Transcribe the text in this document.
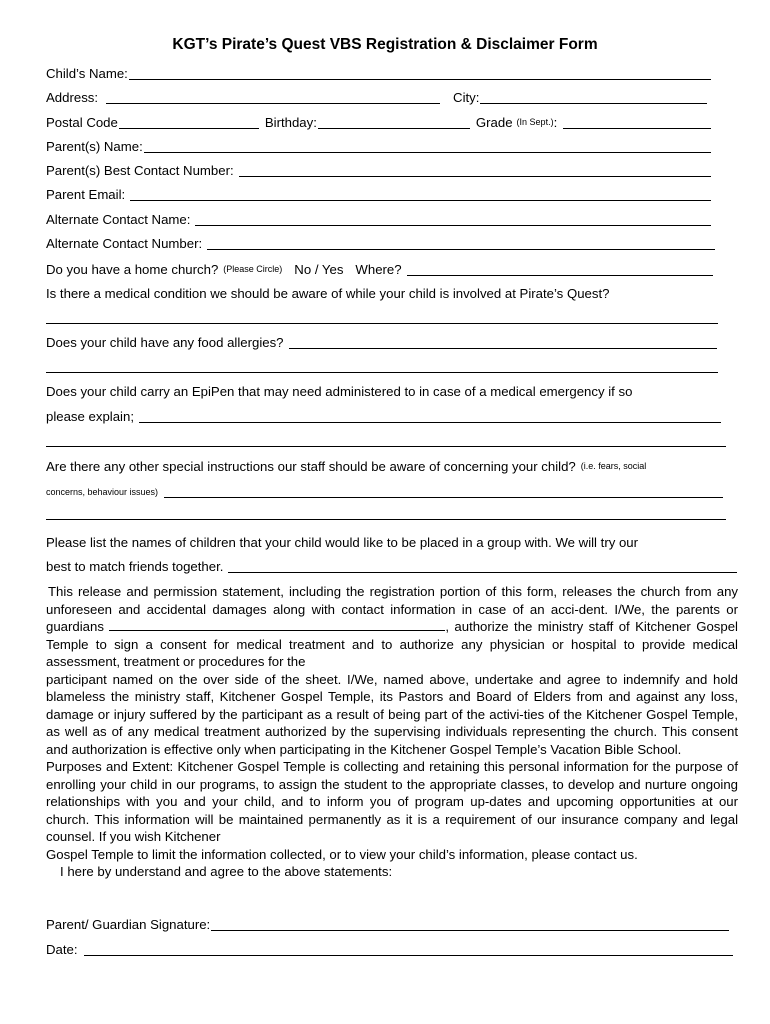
KGT’s Pirate’s Quest VBS Registration & Disclaimer Form
Child’s Name:
Address:	City:
Postal Code	Birthday:	Grade (In Sept.) :
Parent(s) Name:
Parent(s) Best Contact Number:
Parent Email:
Alternate Contact Name:
Alternate Contact Number:
Do you have a home church? (Please Circle) No / Yes Where?
Is there a medical condition we should be aware of while your child is involved at Pirate’s Quest?
Does your child have any food allergies?
Does your child carry an EpiPen that may need administered to in case of a medical emergency if so
please explain;
Are there any other special instructions our staff should be aware of concerning your child? (i.e. fears, social
concerns, behaviour issues)
Please list the names of children that your child would like to be placed in a group with. We will try our
best to match friends together.

This release and permission statement, including the registration portion of this form, releases the church from any unforeseen and accidental damages along with contact information in case of an acci-dent. I/We, the parents or guardians	, authorize the ministry staff of Kitchener Gospel Temple to sign a consent for medical treatment and to authorize any physician or hospital to provide medical assessment, treatment or procedures for the

participant named on the over side of the sheet. I/We, named above, undertake and agree to indemnify and hold blameless the ministry staff, Kitchener Gospel Temple, its Pastors and Board of Elders from and against any loss, damage or injury suffered by the participant as a result of being part of the activi-ties of the Kitchener Gospel Temple, as well as of any medical treatment authorized by the supervising individuals representing the church. This consent and authorization is effective only when participating in the Kitchener Gospel Temple’s Vacation Bible School.

Purposes and Extent: Kitchener Gospel Temple is collecting and retaining this personal information for the purpose of enrolling your child in our programs, to assign the student to the appropriate classes, to develop and nurture ongoing relationships with you and your child, and to inform you of program up-dates and upcoming opportunities at our church. This information will be maintained permanently as it is a requirement of our insurance company and legal counsel. If you wish Kitchener

Gospel Temple to limit the information collected, or to view your child’s information, please contact us.

I here by understand and agree to the above statements:

Parent/ Guardian Signature:
Date:
